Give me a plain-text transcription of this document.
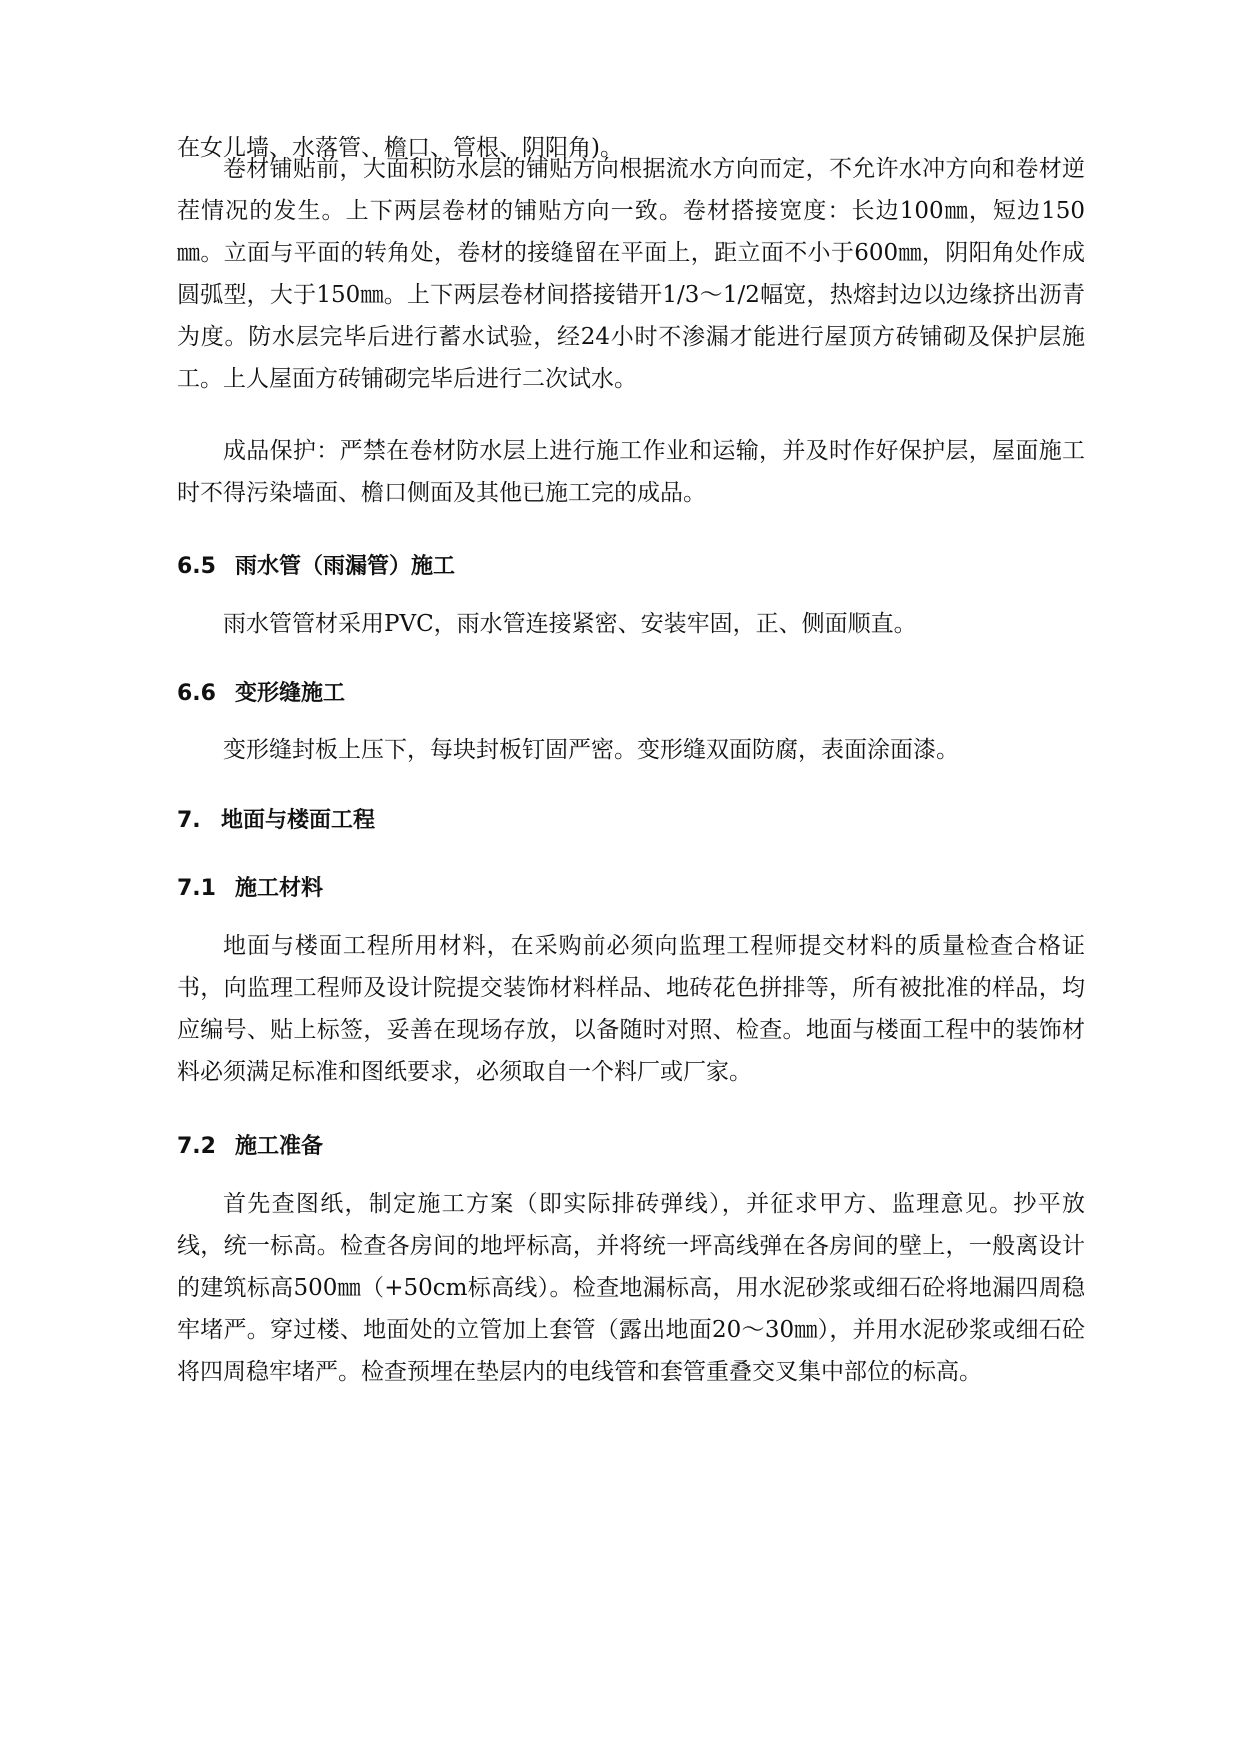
在女儿墙、水落管、檐口、管根、阴阳角)。

卷材铺贴前，大面积防水层的铺贴方向根据流水方向而定，不允许水冲方向和卷材逆茬情况的发生。上下两层卷材的铺贴方向一致。卷材搭接宽度：长边100㎜，短边150㎜。立面与平面的转角处，卷材的接缝留在平面上，距立面不小于600㎜，阴阳角处作成圆弧型，大于150㎜。上下两层卷材间搭接错开1/3～1/2幅宽，热熔封边以边缘挤出沥青为度。防水层完毕后进行蓄水试验，经24小时不渗漏才能进行屋顶方砖铺砌及保护层施工。上人屋面方砖铺砌完毕后进行二次试水。

成品保护：严禁在卷材防水层上进行施工作业和运输，并及时作好保护层，屋面施工时不得污染墙面、檐口侧面及其他已施工完的成品。

6.5 雨水管（雨漏管）施工

雨水管管材采用PVC，雨水管连接紧密、安装牢固，正、侧面顺直。

6.6 变形缝施工

变形缝封板上压下，每块封板钉固严密。变形缝双面防腐，表面涂面漆。

7. 地面与楼面工程
7.1 施工材料

地面与楼面工程所用材料，在采购前必须向监理工程师提交材料的质量检查合格证书，向监理工程师及设计院提交装饰材料样品、地砖花色拼排等，所有被批准的样品，均应编号、贴上标签，妥善在现场存放，以备随时对照、检查。地面与楼面工程中的装饰材料必须满足标准和图纸要求，必须取自一个料厂或厂家。

7.2 施工准备

首先查图纸，制定施工方案（即实际排砖弹线），并征求甲方、监理意见。抄平放线，统一标高。检查各房间的地坪标高，并将统一坪高线弹在各房间的壁上，一般离设计的建筑标高500㎜（+50cm标高线）。检查地漏标高，用水泥砂浆或细石砼将地漏四周稳牢堵严。穿过楼、地面处的立管加上套管（露出地面20～30㎜），并用水泥砂浆或细石砼将四周稳牢堵严。检查预埋在垫层内的电线管和套管重叠交叉集中部位的标高。
